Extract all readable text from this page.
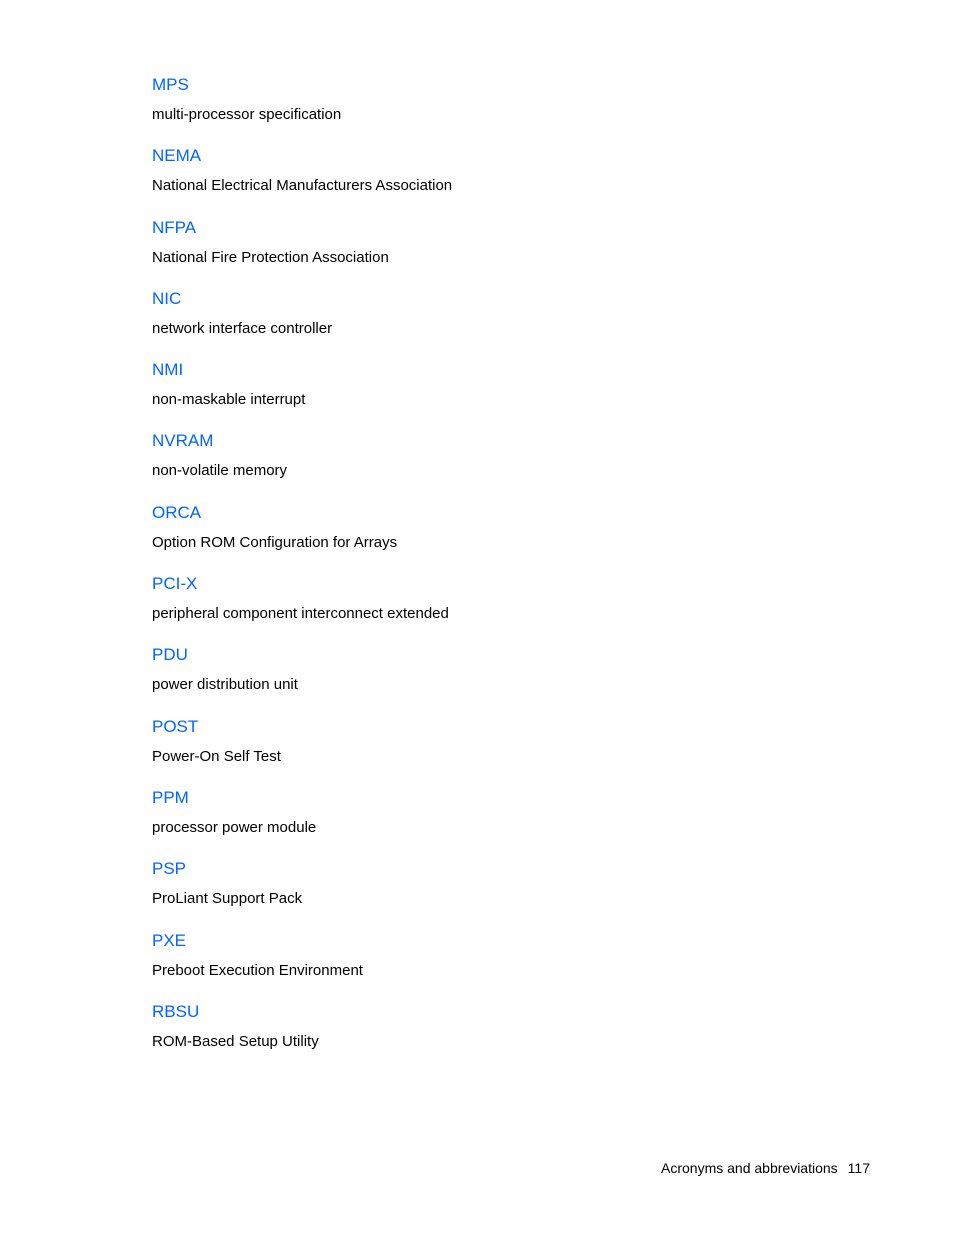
MPS
multi-processor specification
NEMA
National Electrical Manufacturers Association
NFPA
National Fire Protection Association
NIC
network interface controller
NMI
non-maskable interrupt
NVRAM
non-volatile memory
ORCA
Option ROM Configuration for Arrays
PCI-X
peripheral component interconnect extended
PDU
power distribution unit
POST
Power-On Self Test
PPM
processor power module
PSP
ProLiant Support Pack
PXE
Preboot Execution Environment
RBSU
ROM-Based Setup Utility
Acronyms and abbreviations 117
